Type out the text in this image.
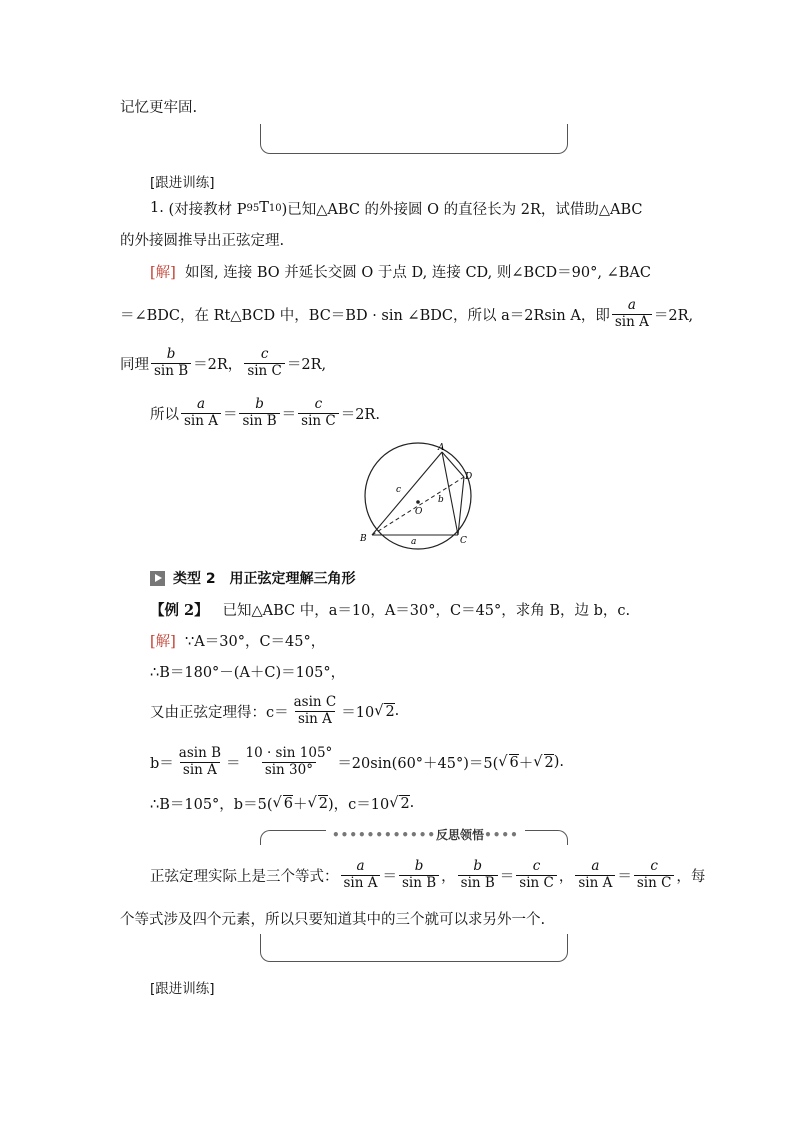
记忆更牢固.
[跟进训练]
1.
(对接教材 P 95 T 10 )已知△ABC 的外接圆 O 的直径长为 2R，试借助△ABC
的外接圆推导出正弦定理.
[解]
如图, 连接 BO 并延长交圆 O 于点 D, 连接 CD, 则∠BCD＝90°, ∠BAC
＝∠BDC，在 Rt△BCD 中，BC＝BD · sin ∠BDC，所以 a＝2Rsin A，即 $\frac{a}{\text{sin A}} =2R$,
同理 $\frac{b}{\text{sin B}} =2R$， $\frac{c}{\text{sin C}} =2R$,
所以 $\frac{a}{\text{sin A}} = \frac{b}{\text{sin B}} = \frac{c}{\text{sin C}} =2R$.
A
B	C
D
O
a
b
c
类型 2
用正弦定理解三角形
【例 2】
已知△ABC 中，a＝10，A＝30°，C＝45°，求角 B，边 b，c.
[解]
∵A＝30°，C＝45°，
∴B＝180°－(A＋C)＝105°，
又由正弦定理得：$c= \frac{\text{asin C}}{\text{sin A}} =10$ √ 2 .
$b= \frac{\text{asin B}}{\text{sin A}} = \frac{10 \cdot \sin 105^\circ}{\sin 30^\circ} =20\sin(60^\circ+45^\circ)=5$( √ 6 ＋ √ 2 ).
∴B＝105°，b＝5( √ 6 ＋ √ 2 )，c＝10 √ 2 .
••••••••••••反思领悟••••
正弦定理实际上是三个等式： $\frac{a}{\text{sin A}} = \frac{b}{\text{sin B}}$ ， $\frac{b}{\text{sin B}} = \frac{c}{\text{sin C}}$ ， $\frac{a}{\text{sin A}} = \frac{c}{\text{sin C}}$ ，每
个等式涉及四个元素，所以只要知道其中的三个就可以求另外一个.
[跟进训练]
